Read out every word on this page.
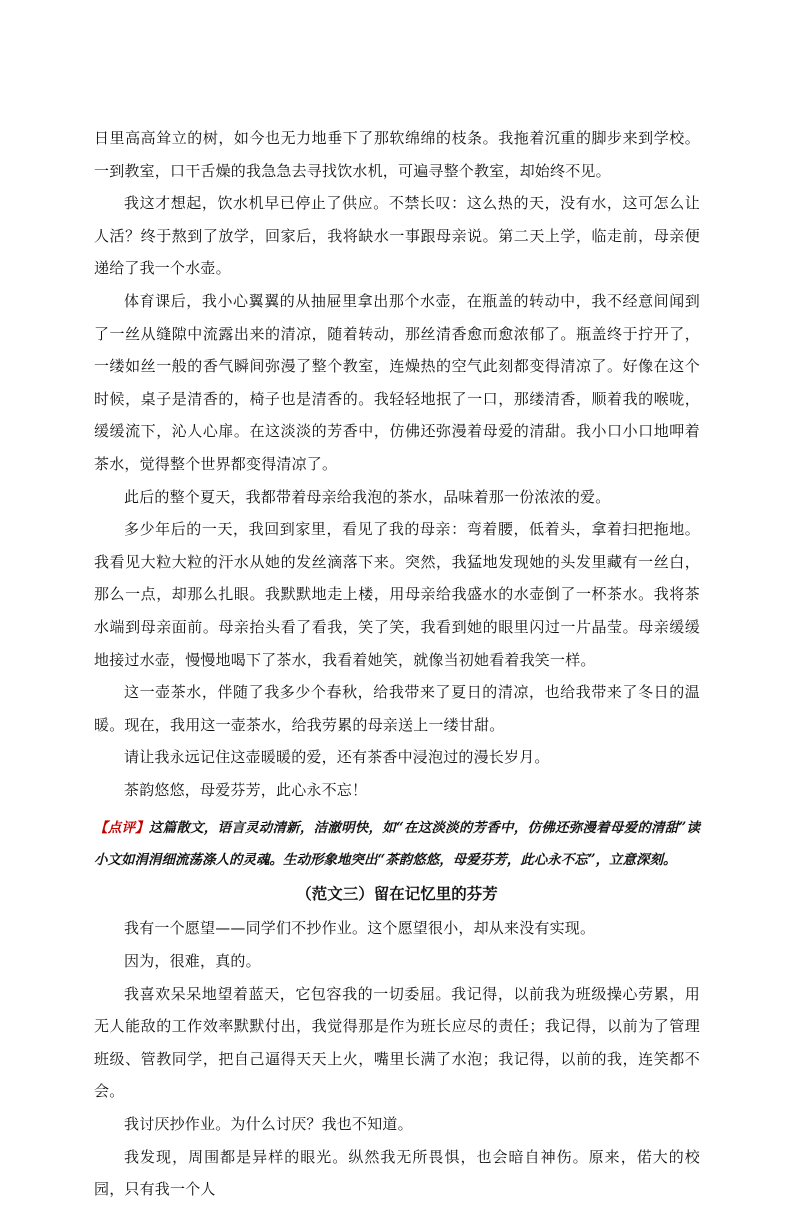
日里高高耸立的树，如今也无力地垂下了那软绵绵的枝条。我拖着沉重的脚步来到学校。一到教室，口干舌燥的我急急去寻找饮水机，可遍寻整个教室，却始终不见。

我这才想起，饮水机早已停止了供应。不禁长叹：这么热的天，没有水，这可怎么让人活？终于熬到了放学，回家后，我将缺水一事跟母亲说。第二天上学，临走前，母亲便递给了我一个水壶。

体育课后，我小心翼翼的从抽屉里拿出那个水壶，在瓶盖的转动中，我不经意间闻到了一丝从缝隙中流露出来的清凉，随着转动，那丝清香愈而愈浓郁了。瓶盖终于拧开了，一缕如丝一般的香气瞬间弥漫了整个教室，连燥热的空气此刻都变得清凉了。好像在这个时候，桌子是清香的，椅子也是清香的。我轻轻地抿了一口，那缕清香，顺着我的喉咙，缓缓流下，沁人心扉。在这淡淡的芳香中，仿佛还弥漫着母爱的清甜。我小口小口地呷着茶水，觉得整个世界都变得清凉了。

此后的整个夏天，我都带着母亲给我泡的茶水，品味着那一份浓浓的爱。

多少年后的一天，我回到家里，看见了我的母亲：弯着腰，低着头，拿着扫把拖地。我看见大粒大粒的汗水从她的发丝滴落下来。突然，我猛地发现她的头发里藏有一丝白，那么一点，却那么扎眼。我默默地走上楼，用母亲给我盛水的水壶倒了一杯茶水。我将茶水端到母亲面前。母亲抬头看了看我，笑了笑，我看到她的眼里闪过一片晶莹。母亲缓缓地接过水壶，慢慢地喝下了茶水，我看着她笑，就像当初她看着我笑一样。

这一壶茶水，伴随了我多少个春秋，给我带来了夏日的清凉，也给我带来了冬日的温暖。现在，我用这一壶茶水，给我劳累的母亲送上一缕甘甜。

请让我永远记住这壶暖暖的爱，还有茶香中浸泡过的漫长岁月。

茶韵悠悠，母爱芬芳，此心永不忘！

【点评】这篇散文，语言灵动清新，洁澈明快，如“在这淡淡的芳香中，仿佛还弥漫着母爱的清甜”读小文如涓涓细流荡涤人的灵魂。生动形象地突出“茶韵悠悠，母爱芬芳，此心永不忘”，立意深刻。

（范文三）留在记忆里的芬芳

我有一个愿望——同学们不抄作业。这个愿望很小，却从来没有实现。

因为，很难，真的。

我喜欢呆呆地望着蓝天，它包容我的一切委屈。我记得，以前我为班级操心劳累，用无人能敌的工作效率默默付出，我觉得那是作为班长应尽的责任；我记得，以前为了管理班级、管教同学，把自己逼得天天上火，嘴里长满了水泡；我记得，以前的我，连笑都不会。

我讨厌抄作业。为什么讨厌？我也不知道。

我发现，周围都是异样的眼光。纵然我无所畏惧，也会暗自神伤。原来，偌大的校园，只有我一个人
